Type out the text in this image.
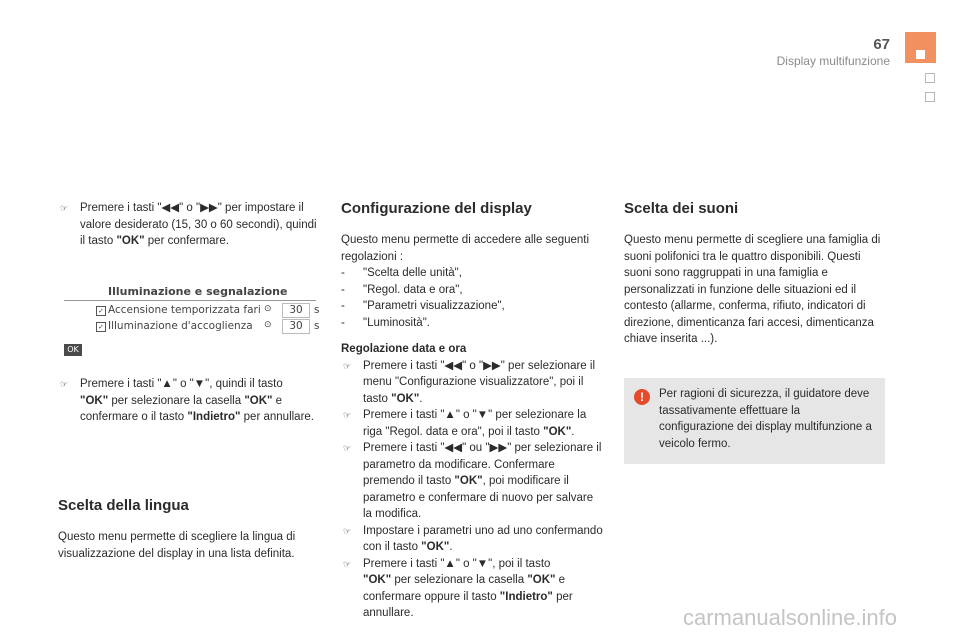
67
Display multifunzione

☞ Premere i tasti "◀◀" o "▶▶" per impostare il valore desiderato (15, 30 o 60 secondi), quindi il tasto "OK" per confermare.

Illuminazione e segnalazione
✓ Accensione temporizzata fari ⊙	30	s
✓ Illuminazione d'accoglienza ⊙	30	s
OK

☞ Premere i tasti "▲" o "▼", quindi il tasto
"OK" per selezionare la casella "OK" e confermare o il tasto "Indietro" per annullare.

Scelta della lingua

Questo menu permette di scegliere la lingua di visualizzazione del display in una lista definita.

Configurazione del display

Questo menu permette di accedere alle seguenti regolazioni :

- "Scelta delle unità",

- "Regol. data e ora",

- "Parametri visualizzazione",

- "Luminosità".

Regolazione data e ora

☞ Premere i tasti "◀◀" o "▶▶" per selezionare il menu "Configurazione visualizzatore", poi il tasto "OK".

☞ Premere i tasti "▲" o "▼" per selezionare la riga "Regol. data e ora", poi il tasto "OK".

☞ Premere i tasti "◀◀" ou "▶▶" per selezionare il parametro da modificare. Confermare premendo il tasto "OK", poi modificare il parametro e confermare di nuovo per salvare la modifica.

☞ Impostare i parametri uno ad uno confermando con il tasto "OK".

☞ Premere i tasti "▲" o "▼", poi il tasto
"OK" per selezionare la casella "OK" e confermare oppure il tasto "Indietro" per annullare.

Scelta dei suoni

Questo menu permette di scegliere una famiglia di suoni polifonici tra le quattro disponibili. Questi suoni sono raggruppati in una famiglia e personalizzati in funzione delle situazioni ed il contesto (allarme, conferma, rifiuto, indicatori di direzione, dimenticanza fari accesi, dimenticanza chiave inserita ...).

!	Per ragioni di sicurezza, il guidatore deve tassativamente effettuare la configurazione dei display multifunzione a veicolo fermo.
carmanualsonline.info
